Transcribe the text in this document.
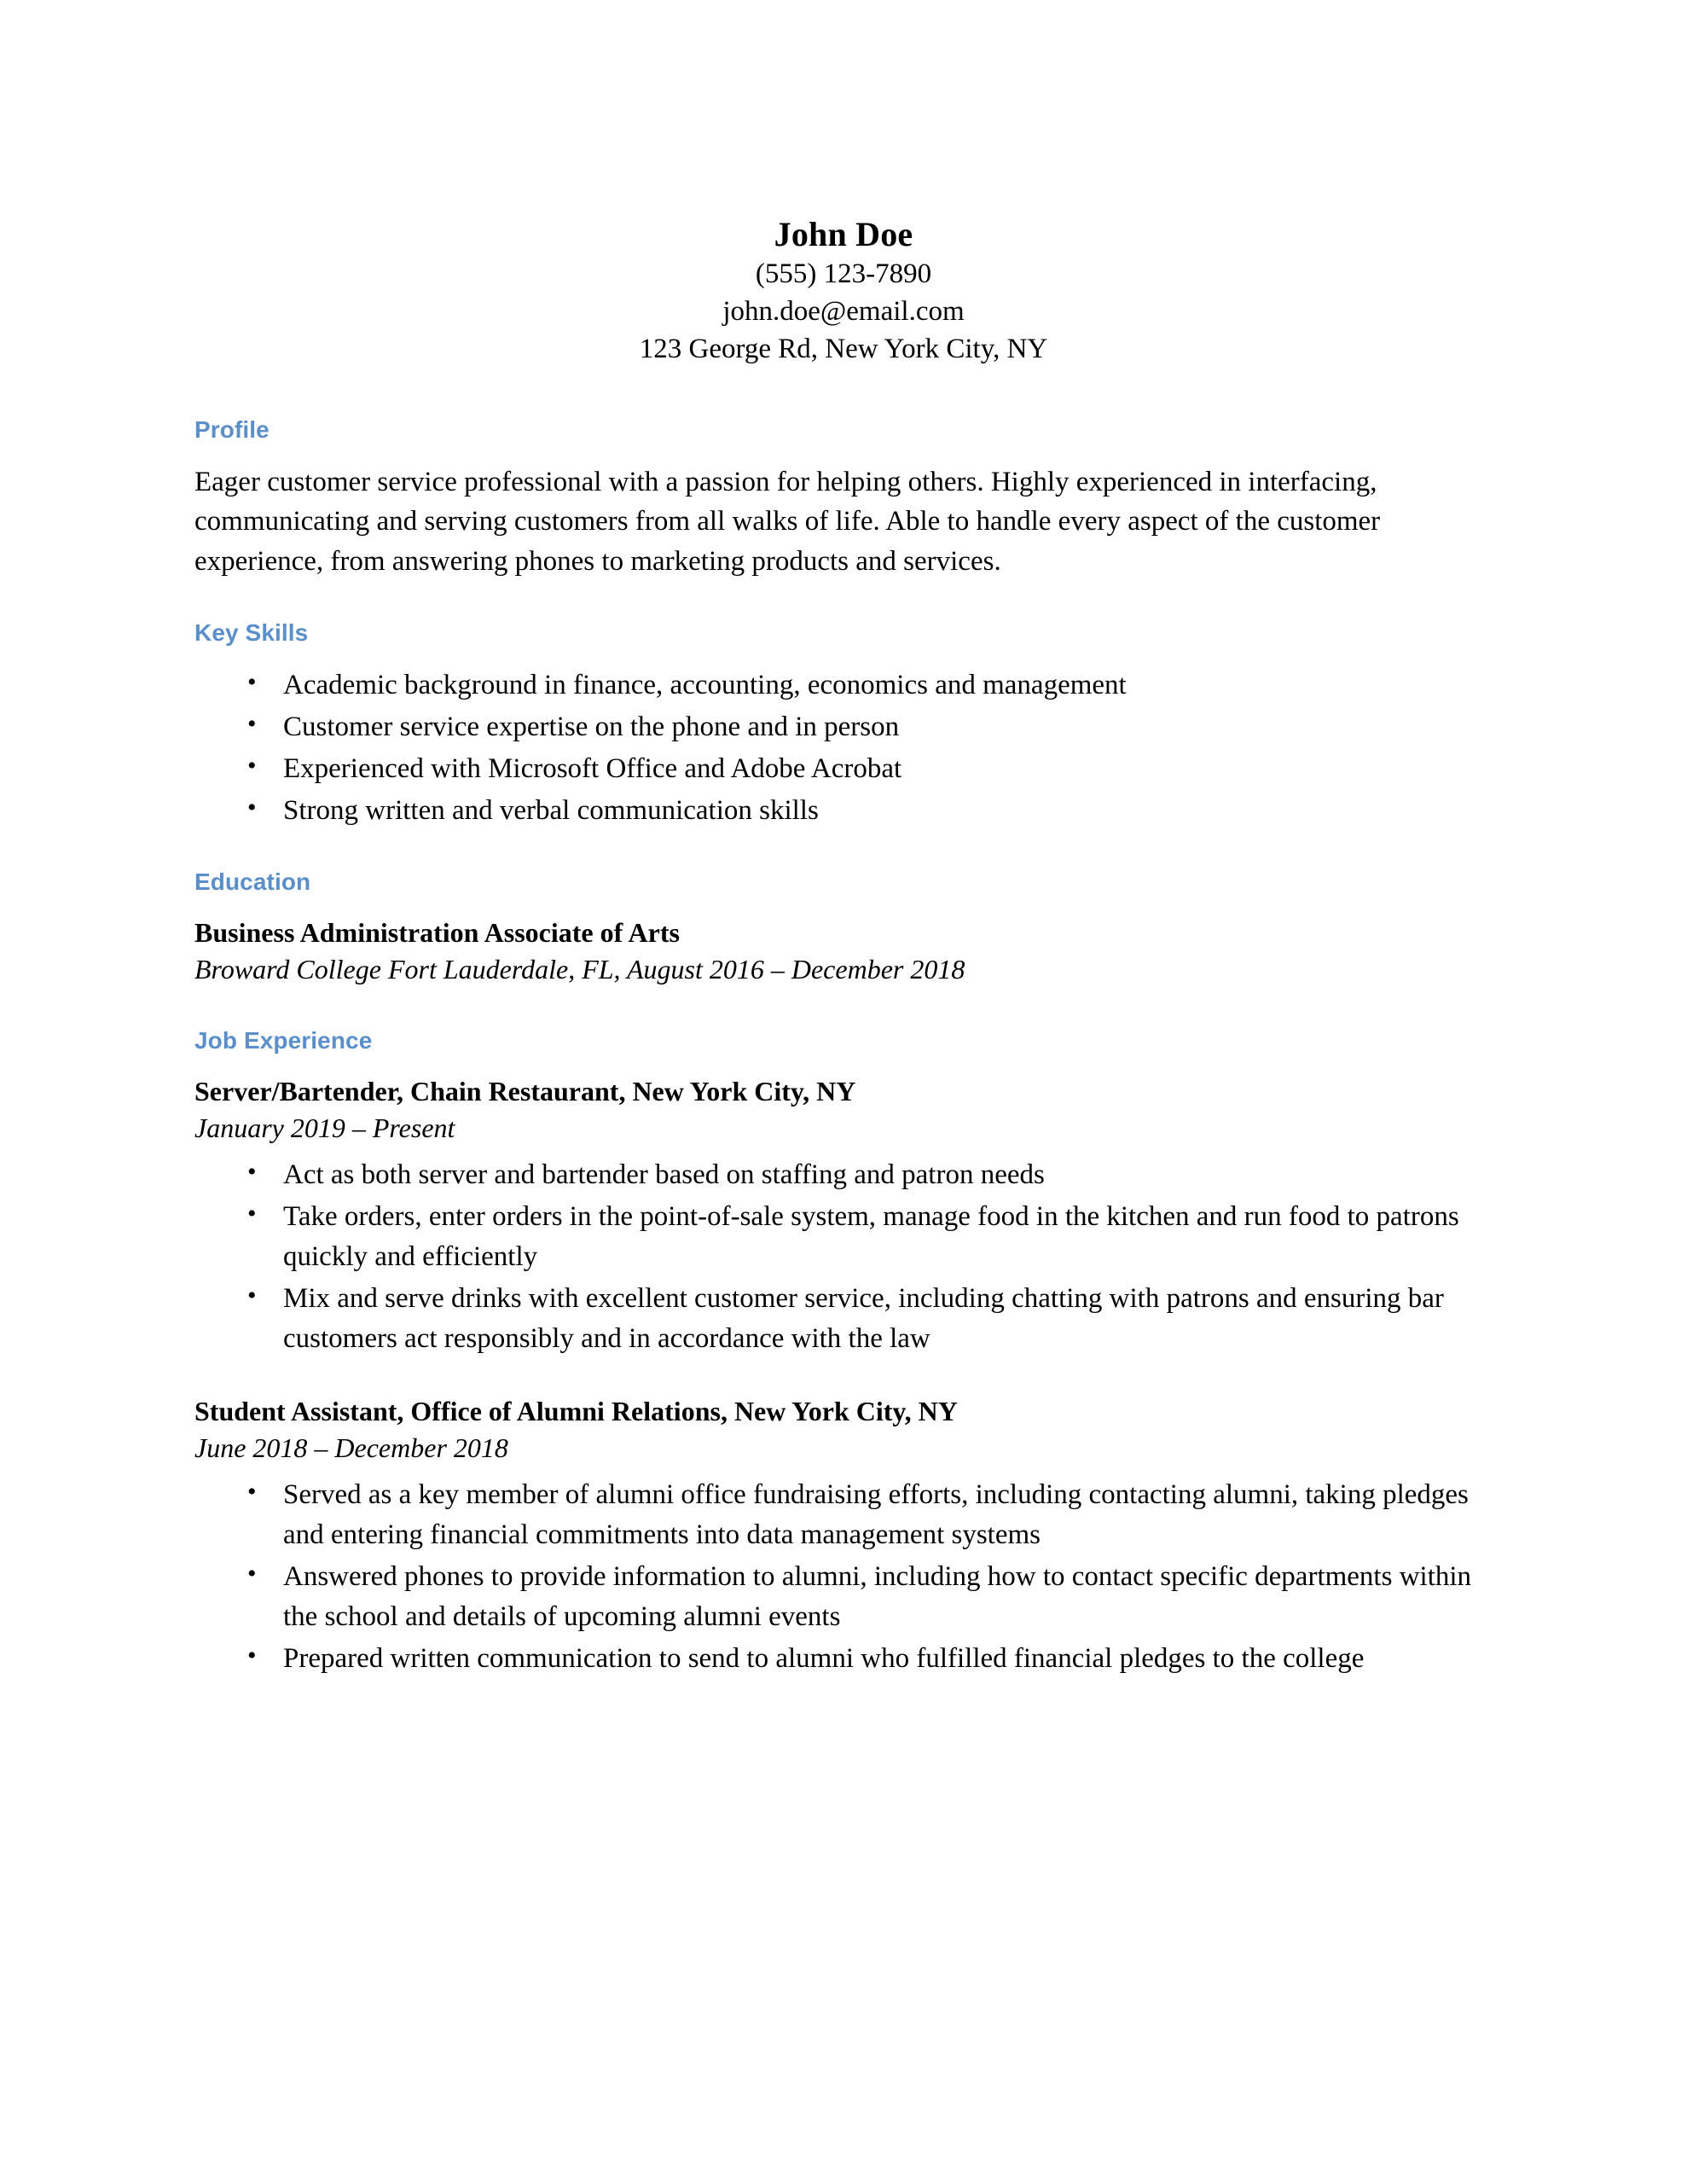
John Doe
(555) 123-7890
john.doe@email.com
123 George Rd, New York City, NY
Profile

Eager customer service professional with a passion for helping others. Highly experienced in interfacing, communicating and serving customers from all walks of life. Able to handle every aspect of the customer experience, from answering phones to marketing products and services.

Key Skills
• Academic background in finance, accounting, economics and management
• Customer service expertise on the phone and in person
• Experienced with Microsoft Office and Adobe Acrobat
• Strong written and verbal communication skills
Education
Business Administration Associate of Arts
Broward College Fort Lauderdale, FL, August 2016 – December 2018
Job Experience
Server/Bartender, Chain Restaurant, New York City, NY
January 2019 – Present
• Act as both server and bartender based on staffing and patron needs
• Take orders, enter orders in the point-of-sale system, manage food in the kitchen and run food to patrons quickly and efficiently
• Mix and serve drinks with excellent customer service, including chatting with patrons and ensuring bar customers act responsibly and in accordance with the law
Student Assistant, Office of Alumni Relations, New York City, NY
June 2018 – December 2018
• Served as a key member of alumni office fundraising efforts, including contacting alumni, taking pledges and entering financial commitments into data management systems
• Answered phones to provide information to alumni, including how to contact specific departments within the school and details of upcoming alumni events
• Prepared written communication to send to alumni who fulfilled financial pledges to the college
